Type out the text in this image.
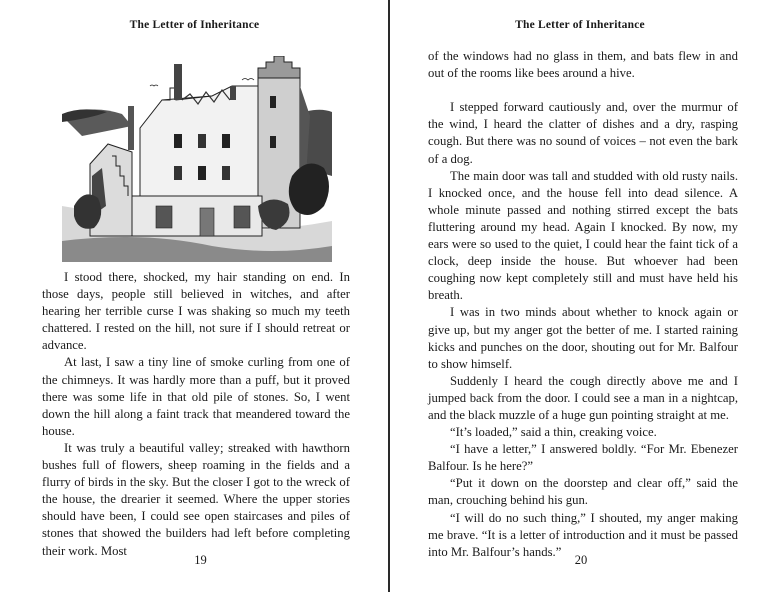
The Letter of Inheritance

I stood there, shocked, my hair standing on end. In those days, people still believed in witches, and after hearing her terrible curse I was shaking so much my teeth chattered. I rested on the hill, not sure if I should retreat or advance.

At last, I saw a tiny line of smoke curling from one of the chimneys. It was hardly more than a puff, but it proved there was some life in that old pile of stones. So, I went down the hill along a faint track that meandered toward the house.

It was truly a beautiful valley; streaked with hawthorn bushes full of flowers, sheep roaming in the fields and a flurry of birds in the sky. But the closer I got to the wreck of the house, the drearier it seemed. Where the upper stories should have been, I could see open staircases and piles of stones that showed the builders had left before completing their work. Most

19
The Letter of Inheritance

of the windows had no glass in them, and bats flew in and out of the rooms like bees around a hive.

I stepped forward cautiously and, over the murmur of the wind, I heard the clatter of dishes and a dry, rasping cough. But there was no sound of voices – not even the bark of a dog.

The main door was tall and studded with old rusty nails. I knocked once, and the house fell into dead silence. A whole minute passed and nothing stirred except the bats fluttering around my head. Again I knocked. By now, my ears were so used to the quiet, I could hear the faint tick of a clock, deep inside the house. But whoever had been coughing now kept completely still and must have held his breath.

I was in two minds about whether to knock again or give up, but my anger got the better of me. I started raining kicks and punches on the door, shouting out for Mr. Balfour to show himself.

Suddenly I heard the cough directly above me and I jumped back from the door. I could see a man in a nightcap, and the black muzzle of a huge gun pointing straight at me.

“It’s loaded,” said a thin, creaking voice.

“I have a letter,” I answered boldly. “For Mr. Ebenezer Balfour. Is he here?”

“Put it down on the doorstep and clear off,” said the man, crouching behind his gun.

“I will do no such thing,” I shouted, my anger making me brave. “It is a letter of introduction and it must be passed into Mr. Balfour’s hands.”

20
